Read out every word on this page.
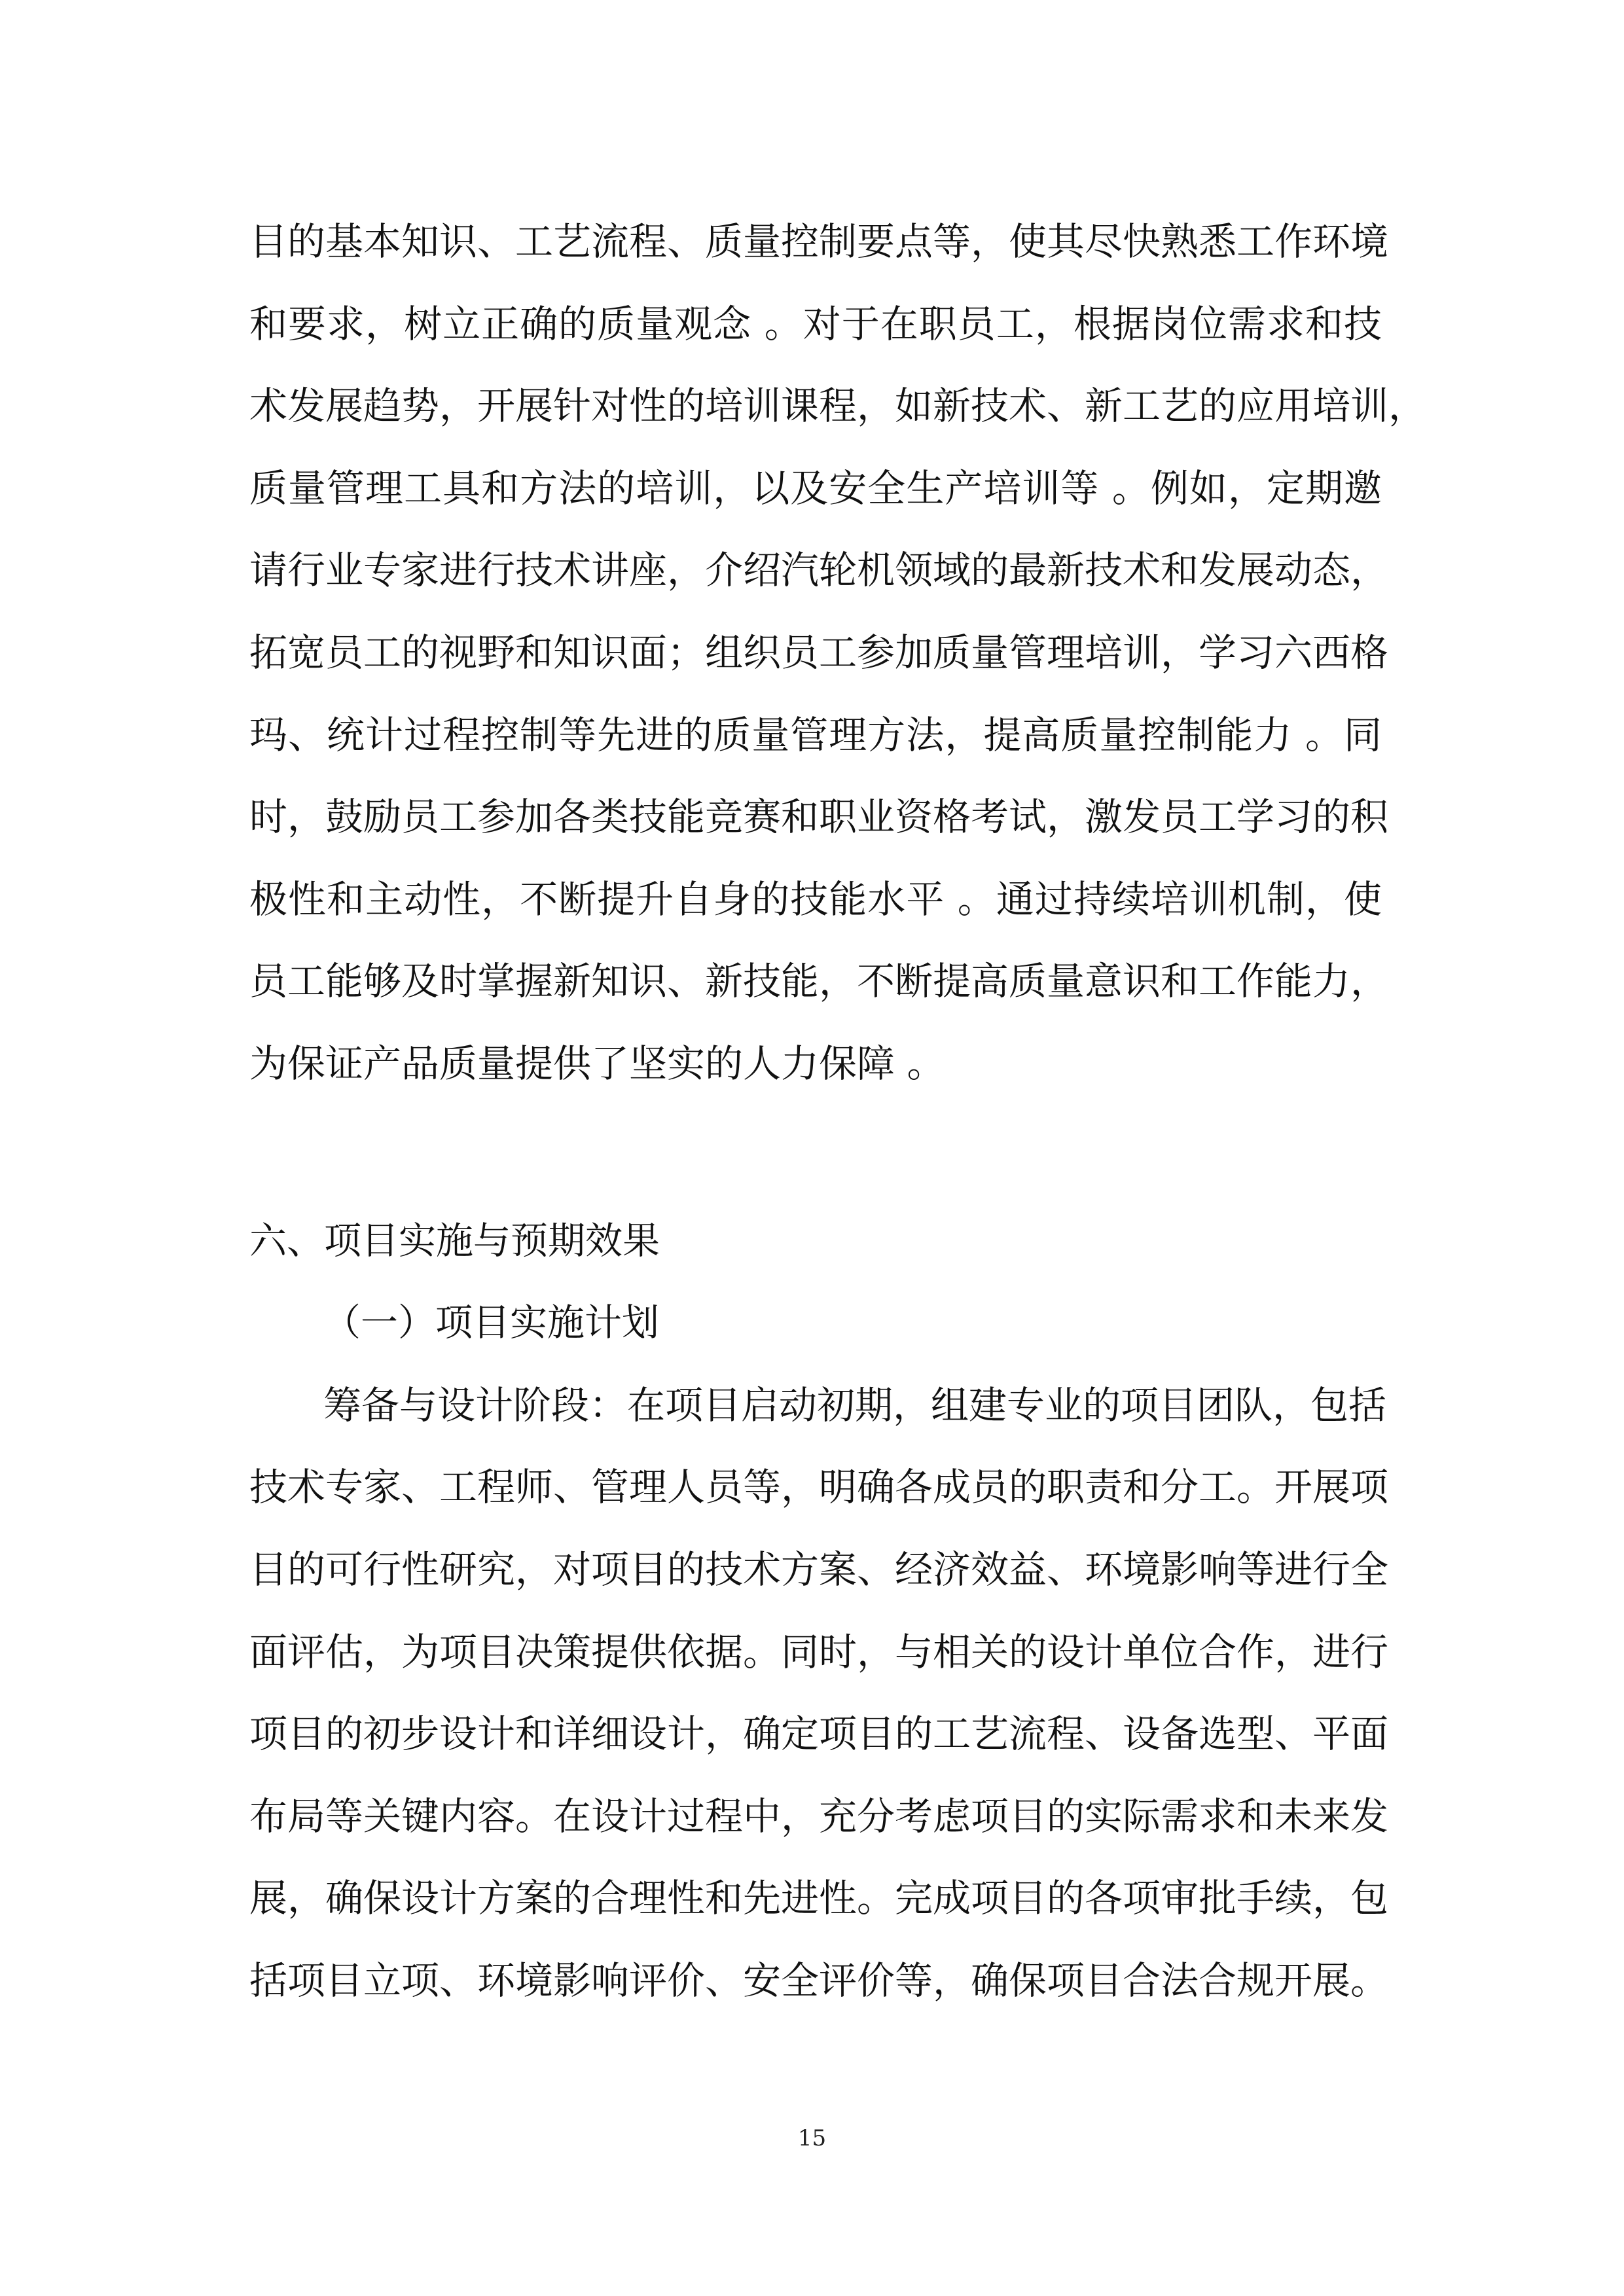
目的基本知识、工艺流程、质量控制要点等，使其尽快熟悉工作环境
和要求，树立正确的质量观念 。对于在职员工，根据岗位需求和技
术发展趋势，开展针对性的培训课程，如新技术、新工艺的应用培训，
质量管理工具和方法的培训，以及安全生产培训等 。例如，定期邀
请行业专家进行技术讲座，介绍汽轮机领域的最新技术和发展动态，
拓宽员工的视野和知识面；组织员工参加质量管理培训，学习六西格
玛、统计过程控制等先进的质量管理方法，提高质量控制能力 。同
时，鼓励员工参加各类技能竞赛和职业资格考试，激发员工学习的积
极性和主动性，不断提升自身的技能水平 。通过持续培训机制，使
员工能够及时掌握新知识、新技能，不断提高质量意识和工作能力，
为保证产品质量提供了坚实的人力保障 。
六、项目实施与预期效果
（一）项目实施计划
筹备与设计阶段：在项目启动初期，组建专业的项目团队，包括
技术专家、工程师、管理人员等，明确各成员的职责和分工。开展项
目的可行性研究，对项目的技术方案、经济效益、环境影响等进行全
面评估，为项目决策提供依据。同时，与相关的设计单位合作，进行
项目的初步设计和详细设计，确定项目的工艺流程、设备选型、平面
布局等关键内容。在设计过程中，充分考虑项目的实际需求和未来发
展，确保设计方案的合理性和先进性。完成项目的各项审批手续，包
括项目立项、环境影响评价、安全评价等，确保项目合法合规开展。
15
